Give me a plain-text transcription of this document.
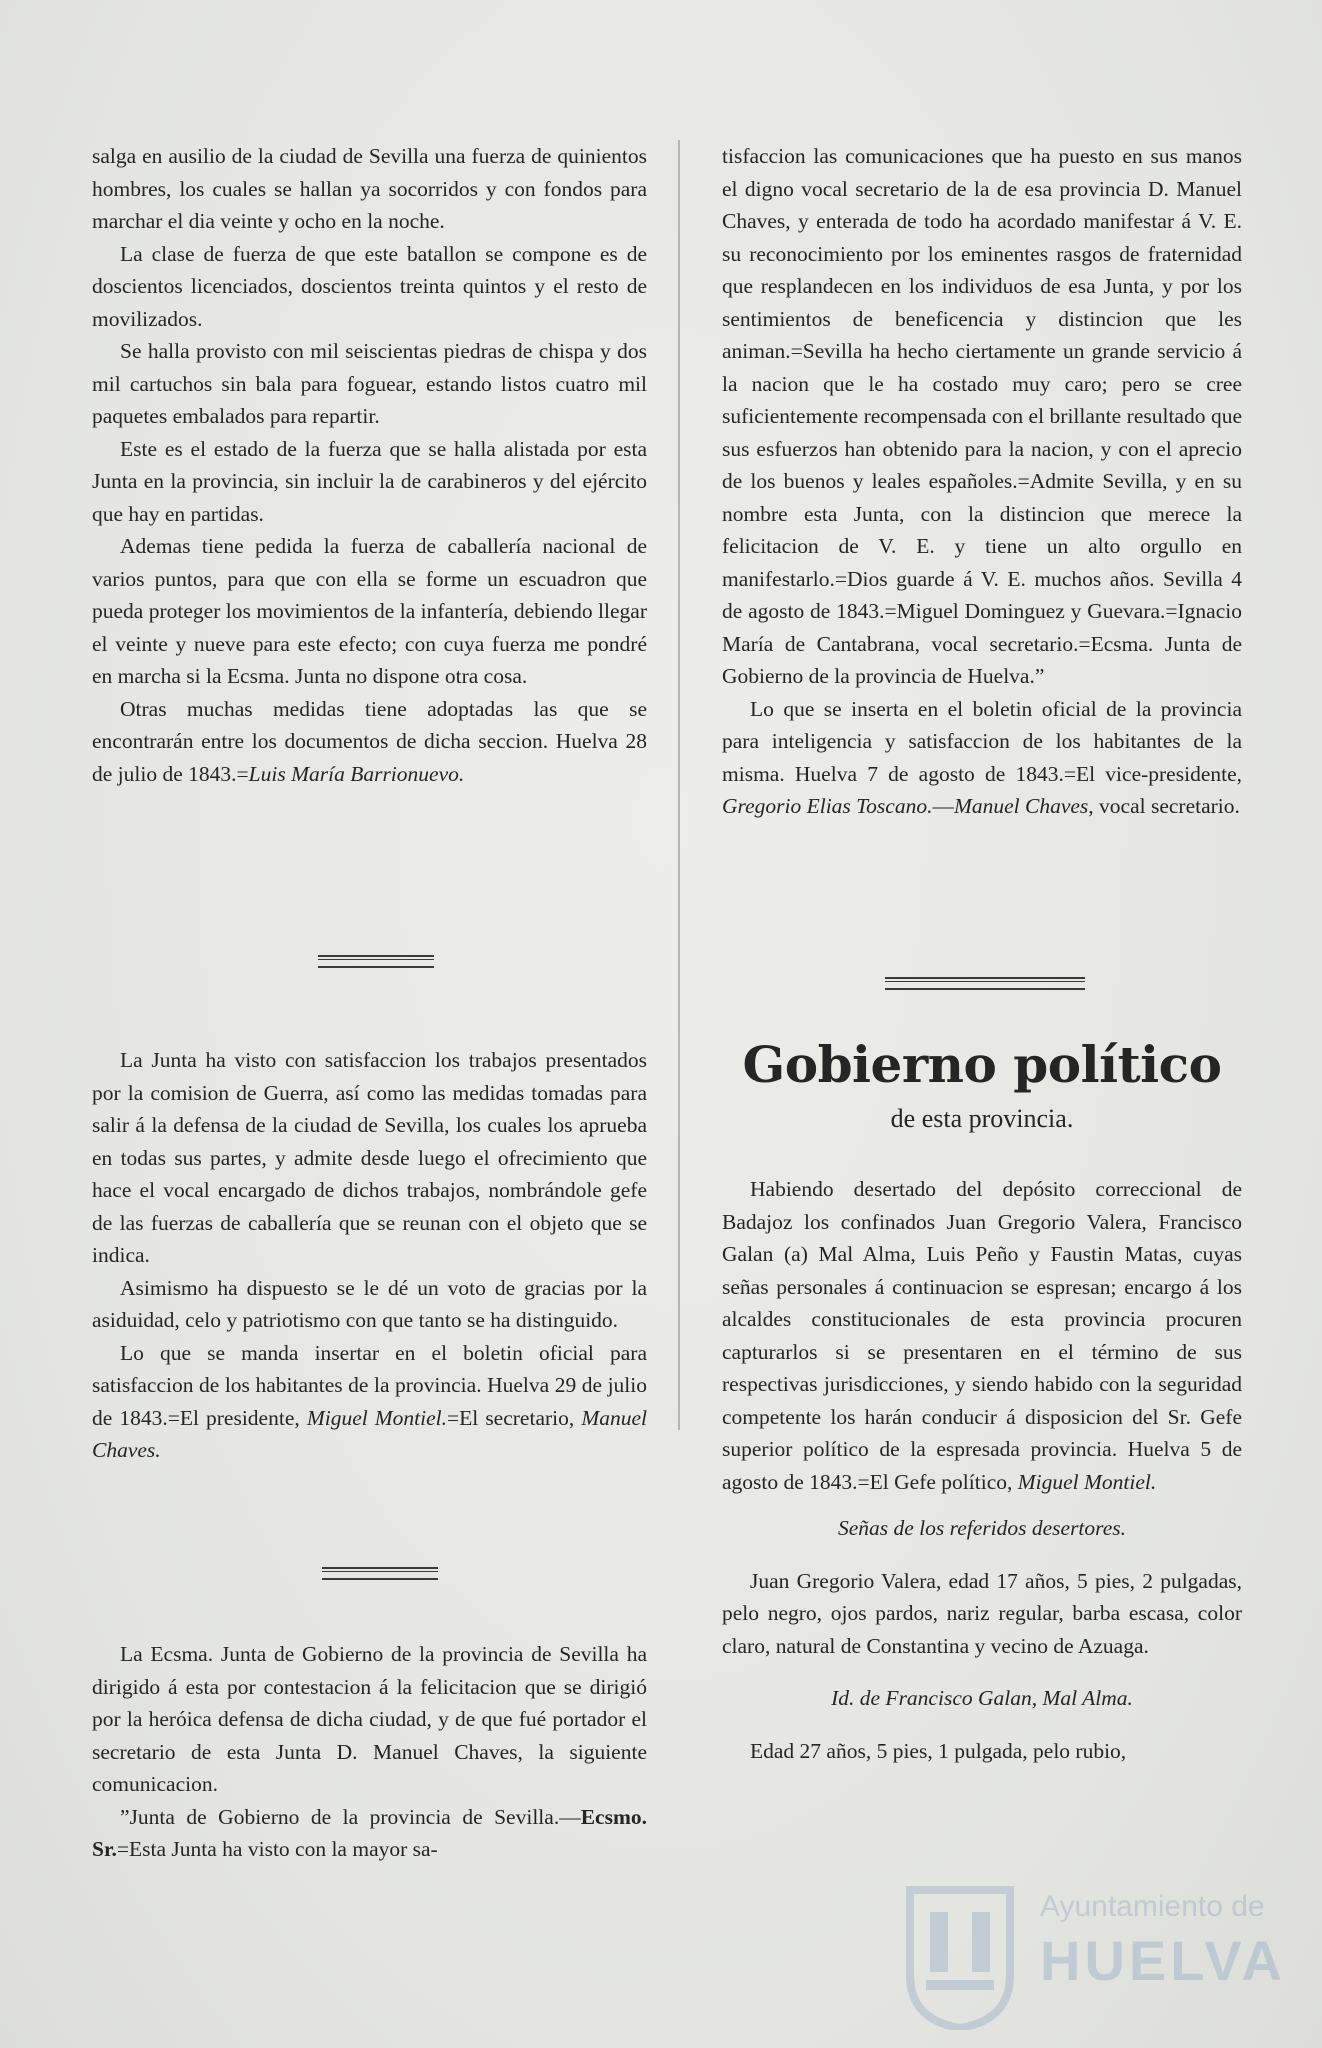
salga en ausilio de la ciudad de Sevilla una fuerza de quinientos hombres, los cuales se hallan ya socorridos y con fondos para marchar el dia veinte y ocho en la noche.

La clase de fuerza de que este batallon se compone es de doscientos licenciados, doscientos treinta quintos y el resto de movilizados.

Se halla provisto con mil seiscientas piedras de chispa y dos mil cartuchos sin bala para foguear, estando listos cuatro mil paquetes embalados para repartir.

Este es el estado de la fuerza que se halla alistada por esta Junta en la provincia, sin incluir la de carabineros y del ejército que hay en partidas.

Ademas tiene pedida la fuerza de caballería nacional de varios puntos, para que con ella se forme un escuadron que pueda proteger los movimientos de la infantería, debiendo llegar el veinte y nueve para este efecto; con cuya fuerza me pondré en marcha si la Ecsma. Junta no dispone otra cosa.

Otras muchas medidas tiene adoptadas las que se encontrarán entre los documentos de dicha seccion. Huelva 28 de julio de 1843.=Luis María Barrionuevo.

La Junta ha visto con satisfaccion los trabajos presentados por la comision de Guerra, así como las medidas tomadas para salir á la defensa de la ciudad de Sevilla, los cuales los aprueba en todas sus partes, y admite desde luego el ofrecimiento que hace el vocal encargado de dichos trabajos, nombrándole gefe de las fuerzas de caballería que se reunan con el objeto que se indica.

Asimismo ha dispuesto se le dé un voto de gracias por la asiduidad, celo y patriotismo con que tanto se ha distinguido.

Lo que se manda insertar en el boletin oficial para satisfaccion de los habitantes de la provincia. Huelva 29 de julio de 1843.=El presidente, Miguel Montiel.=El secretario, Manuel Chaves.

La Ecsma. Junta de Gobierno de la provincia de Sevilla ha dirigido á esta por contestacion á la felicitacion que se dirigió por la heróica defensa de dicha ciudad, y de que fué portador el secretario de esta Junta D. Manuel Chaves, la siguiente comunicacion.

”Junta de Gobierno de la provincia de Sevilla.—Ecsmo. Sr.=Esta Junta ha visto con la mayor sa-

tisfaccion las comunicaciones que ha puesto en sus manos el digno vocal secretario de la de esa provincia D. Manuel Chaves, y enterada de todo ha acordado manifestar á V. E. su reconocimiento por los eminentes rasgos de fraternidad que resplandecen en los individuos de esa Junta, y por los sentimientos de beneficencia y distincion que les animan.=Sevilla ha hecho ciertamente un grande servicio á la nacion que le ha costado muy caro; pero se cree suficientemente recompensada con el brillante resultado que sus esfuerzos han obtenido para la nacion, y con el aprecio de los buenos y leales españoles.=Admite Sevilla, y en su nombre esta Junta, con la distincion que merece la felicitacion de V. E. y tiene un alto orgullo en manifestarlo.=Dios guarde á V. E. muchos años. Sevilla 4 de agosto de 1843.=Miguel Dominguez y Guevara.=Ignacio María de Cantabrana, vocal secretario.=Ecsma. Junta de Gobierno de la provincia de Huelva.”

Lo que se inserta en el boletin oficial de la provincia para inteligencia y satisfaccion de los habitantes de la misma. Huelva 7 de agosto de 1843.=El vice-presidente, Gregorio Elias Toscano.—Manuel Chaves, vocal secretario.

Habiendo desertado del depósito correccional de Badajoz los confinados Juan Gregorio Valera, Francisco Galan (a) Mal Alma, Luis Peño y Faustin Matas, cuyas señas personales á continuacion se espresan; encargo á los alcaldes constitucionales de esta provincia procuren capturarlos si se presentaren en el término de sus respectivas jurisdicciones, y siendo habido con la seguridad competente los harán conducir á disposicion del Sr. Gefe superior político de la espresada provincia. Huelva 5 de agosto de 1843.=El Gefe político, Miguel Montiel.

Señas de los referidos desertores.

Juan Gregorio Valera, edad 17 años, 5 pies, 2 pulgadas, pelo negro, ojos pardos, nariz regular, barba escasa, color claro, natural de Constantina y vecino de Azuaga.

Id. de Francisco Galan, Mal Alma.

Edad 27 años, 5 pies, 1 pulgada, pelo rubio,

Gobierno político
de esta provincia.
Ayuntamiento de
HUELVA
